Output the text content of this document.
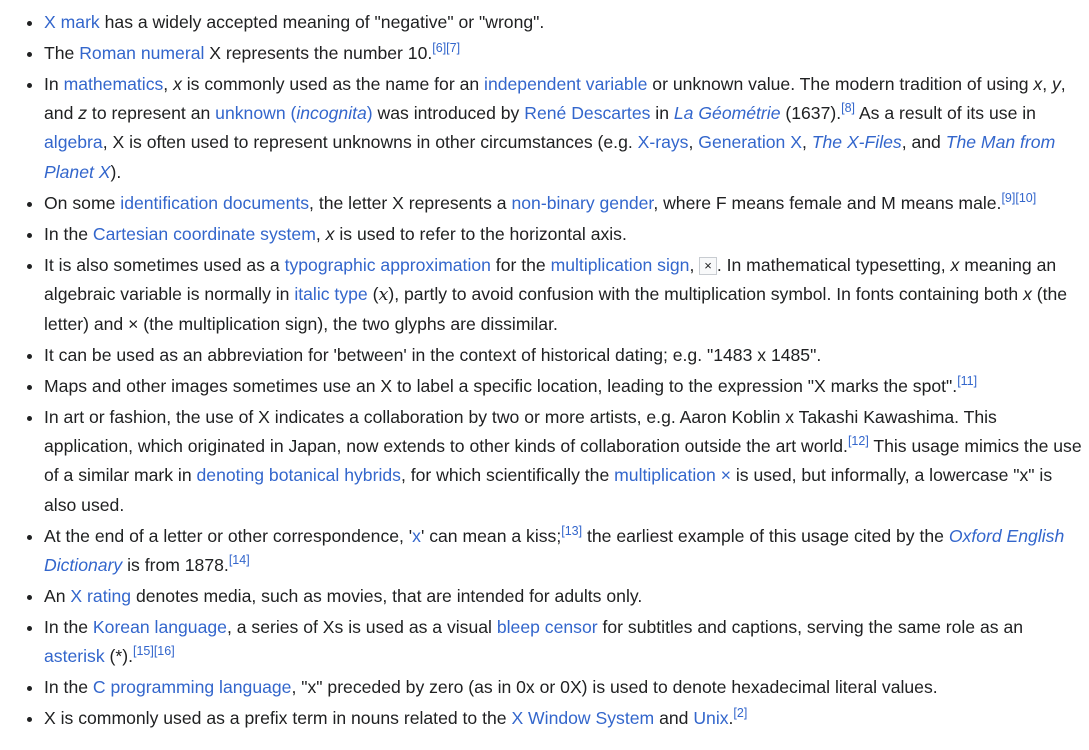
X mark has a widely accepted meaning of "negative" or "wrong".
The Roman numeral X represents the number 10.[6][7]
In mathematics, x is commonly used as the name for an independent variable or unknown value. The modern tradition of using x, y, and z to represent an unknown (incognita) was introduced by René Descartes in La Géométrie (1637).[8] As a result of its use in algebra, X is often used to represent unknowns in other circumstances (e.g. X-rays, Generation X, The X-Files, and The Man from Planet X).
On some identification documents, the letter X represents a non-binary gender, where F means female and M means male.[9][10]
In the Cartesian coordinate system, x is used to refer to the horizontal axis.
It is also sometimes used as a typographic approximation for the multiplication sign, × . In mathematical typesetting, x meaning an algebraic variable is normally in italic type (𝑥), partly to avoid confusion with the multiplication symbol. In fonts containing both x (the letter) and × (the multiplication sign), the two glyphs are dissimilar.
It can be used as an abbreviation for 'between' in the context of historical dating; e.g. "1483 x 1485".
Maps and other images sometimes use an X to label a specific location, leading to the expression "X marks the spot".[11]
In art or fashion, the use of X indicates a collaboration by two or more artists, e.g. Aaron Koblin x Takashi Kawashima. This application, which originated in Japan, now extends to other kinds of collaboration outside the art world.[12] This usage mimics the use of a similar mark in denoting botanical hybrids, for which scientifically the multiplication × is used, but informally, a lowercase "x" is also used.
At the end of a letter or other correspondence, 'x' can mean a kiss;[13] the earliest example of this usage cited by the Oxford English Dictionary is from 1878.[14]
An X rating denotes media, such as movies, that are intended for adults only.
In the Korean language, a series of Xs is used as a visual bleep censor for subtitles and captions, serving the same role as an asterisk (*).[15][16]
In the C programming language, "x" preceded by zero (as in 0x or 0X) is used to denote hexadecimal literal values.
X is commonly used as a prefix term in nouns related to the X Window System and Unix.[2]
